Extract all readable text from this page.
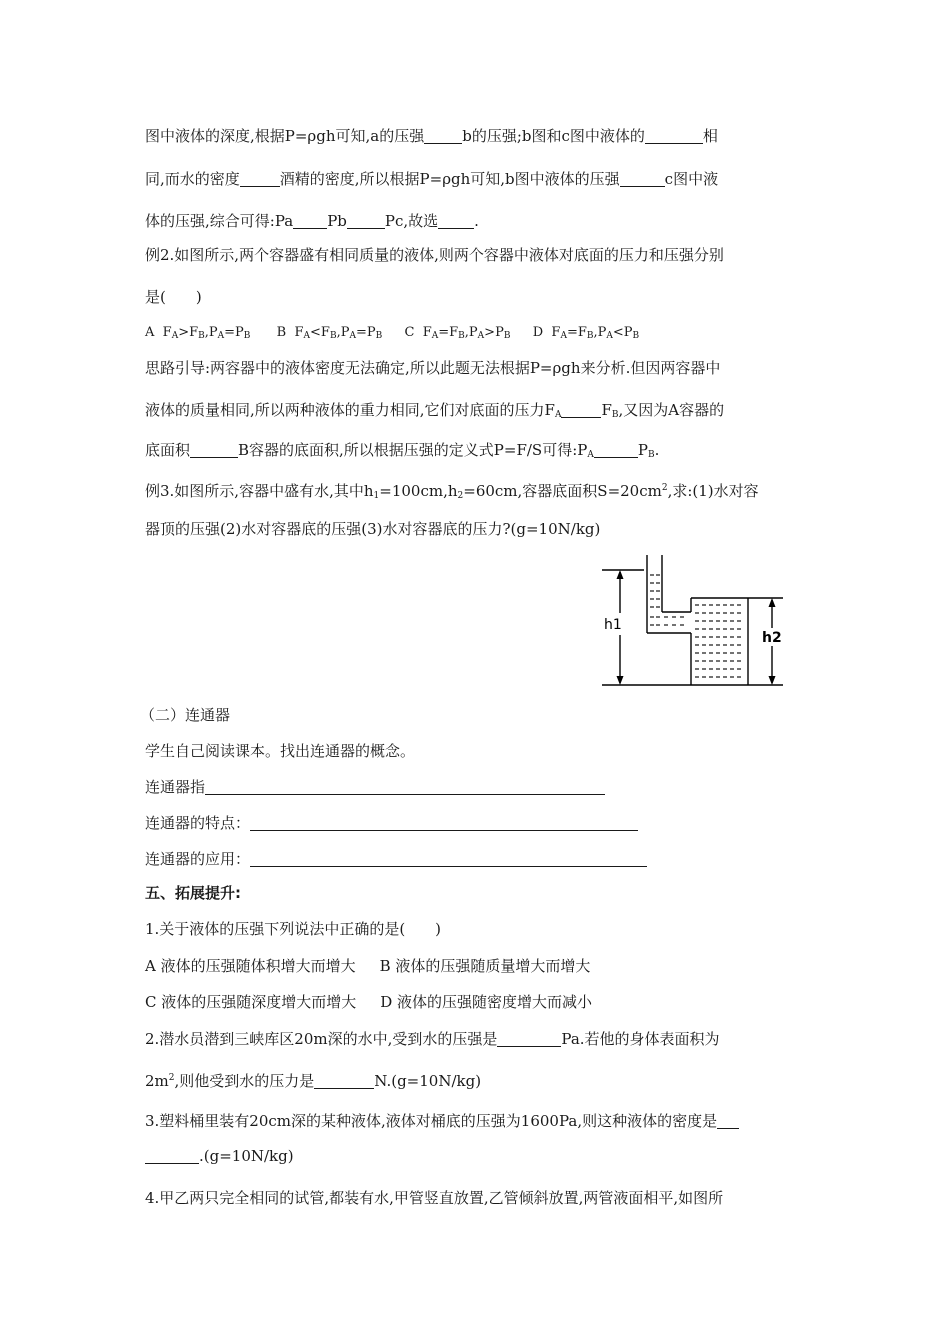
图中液体的深度,根据P=ρgh可知,a的压强	b的压强;b图和c图中液体的	相
同,而水的密度	酒精的密度,所以根据P=ρgh可知,b图中液体的压强	c图中液
体的压强,综合可得:Pa Pb	Pc,故选 .
例2.如图所示,两个容器盛有相同质量的液体,则两个容器中液体对底面的压力和压强分别
是(　　)
A  $F_A>F_B,P_A=P_B$ B  $F_A<F_B,P_A=P_B$ C  $F_A=F_B,P_A>P_B$ D  $F_A=F_B,P_A<P_B$
思路引导:两容器中的液体密度无法确定,所以此题无法根据P=ρgh来分析.但因两容器中
液体的质量相同,所以两种液体的重力相同,它们对底面的压力$F_A$	$F_B$,又因为A容器的
底面积	B容器的底面积,所以根据压强的定义式P=F/S可得$:P_A$	$P_B$.
例3.如图所示,容器中盛有水,其中$h_1=100cm,h_2=60cm$,容器底面积$S=20cm^2$,求:(1)水对容
器顶的压强(2)水对容器底的压强(3)水对容器底的压力?(g=10N/kg)
h1
h2
（二）连通器
学生自己阅读课本。找出连通器的概念。
连通器指
连通器的特点：
连通器的应用：
五、拓展提升:
1.关于液体的压强下列说法中正确的是(　　)
A 液体的压强随体积增大而增大 B 液体的压强随质量增大而增大
C 液体的压强随深度增大而增大 D 液体的压强随密度增大而减小
2.潜水员潜到三峡库区20m深的水中,受到水的压强是	Pa.若他的身体表面积为
$2m^2$,则他受到水的压力是	N.(g=10N/kg)
3.塑料桶里装有20cm深的某种液体,液体对桶底的压强为1600Pa,则这种液体的密度是
.(g=10N/kg)
4.甲乙两只完全相同的试管,都装有水,甲管竖直放置,乙管倾斜放置,两管液面相平,如图所
